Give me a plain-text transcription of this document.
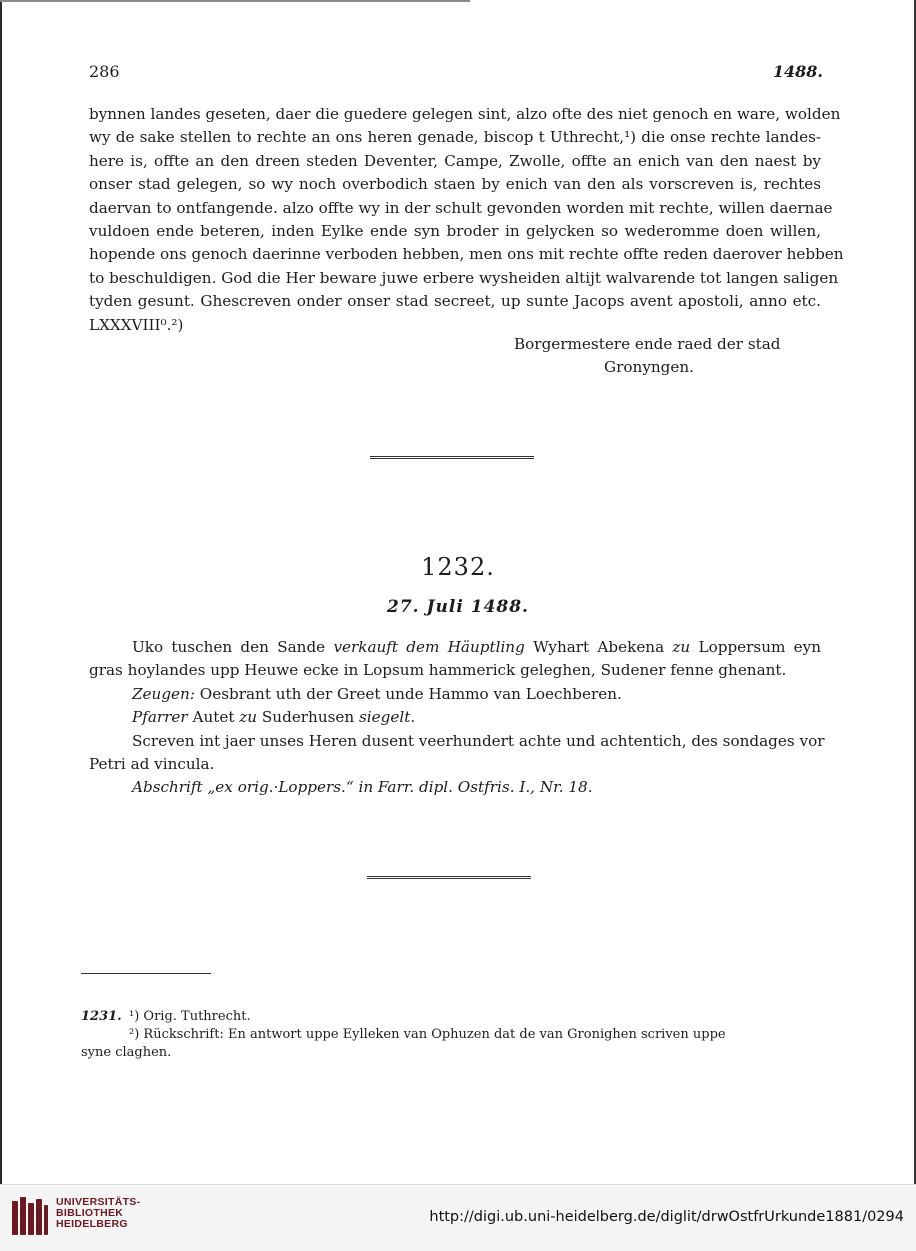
286	1488.
bynnen landes geseten, daer die guedere gelegen sint, alzo ofte des niet genoch en ware, wolden
wy de sake stellen to rechte an ons heren genade, biscop t Uthrecht,¹) die onse rechte landes-
here is, offte an den dreen steden Deventer, Campe, Zwolle, offte an enich van den naest by
onser stad gelegen, so wy noch overbodich staen by enich van den als vorscreven is, rechtes
daervan to ontfangende. alzo offte wy in der schult gevonden worden mit rechte, willen daernae
vuldoen ende beteren, inden Eylke ende syn broder in gelycken so wederomme doen willen,
hopende ons genoch daerinne verboden hebben, men ons mit rechte offte reden daerover hebben
to beschuldigen. God die Her beware juwe erbere wysheiden altijt walvarende tot langen saligen
tyden gesunt. Ghescreven onder onser stad secreet, up sunte Jacops avent apostoli, anno etc.
LXXXVIII⁰.²)
Borgermestere ende raed der stad
Gronyngen.
1232.
27. Juli 1488.

Uko tuschen den Sande verkauft dem Häuptling Wyhart Abekena zu Loppersum eyn

gras hoylandes upp Heuwe ecke in Lopsum hammerick geleghen, Sudener fenne ghenant.

Zeugen: Oesbrant uth der Greet unde Hammo van Loechberen.

Pfarrer Autet zu Suderhusen siegelt.

Screven int jaer unses Heren dusent veerhundert achte und achtentich, des sondages vor

Petri ad vincula.

Abschrift „ex orig.·Loppers.“ in Farr. dipl. Ostfris. I., Nr. 18.

1231. ¹) Orig. Tuthrecht.
²) Rückschrift: En antwort uppe Eylleken van Ophuzen dat de van Gronighen scriven uppe
syne claghen.
UNIVERSITÄTS-
BIBLIOTHEK
HEIDELBERG	http://digi.ub.uni-heidelberg.de/diglit/drwOstfrUrkunde1881/0294
